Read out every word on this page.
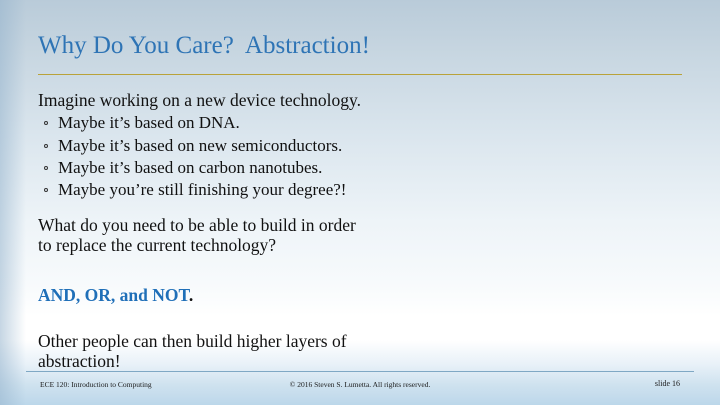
Why Do You Care?  Abstraction!

Imagine working on a new device technology.

Maybe it’s based on DNA.
Maybe it’s based on new semiconductors.
Maybe it’s based on carbon nanotubes.
Maybe you’re still finishing your degree?!

What do you need to be able to build in order

to replace the current technology?

AND, OR, and NOT.

Other people can then build higher layers of

abstraction!

ECE 120: Introduction to Computing	© 2016 Steven S. Lumetta. All rights reserved.	slide 16
